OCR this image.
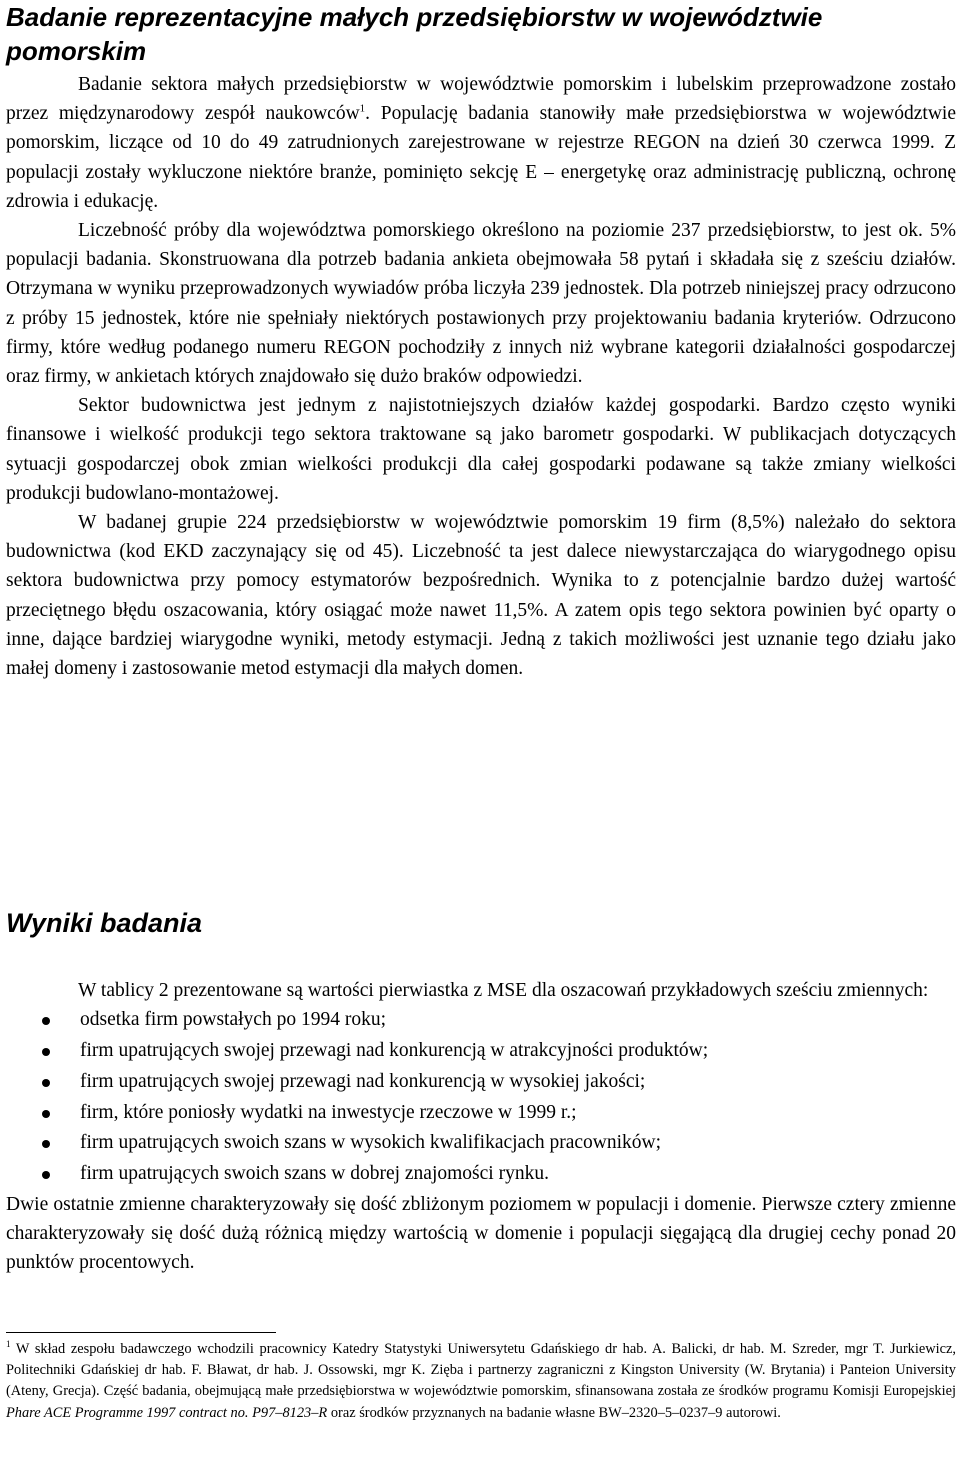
Badanie reprezentacyjne małych przedsiębiorstw w województwie pomorskim

Badanie sektora małych przedsiębiorstw w województwie pomorskim i lubelskim przeprowadzone zostało przez międzynarodowy zespół naukowców$^1$. Populację badania stanowiły małe przedsiębiorstwa w województwie pomorskim, liczące od 10 do 49 zatrudnionych zarejestrowane w rejestrze REGON na dzień 30 czerwca 1999. Z populacji zostały wykluczone niektóre branże, pominięto sekcję E – energetykę oraz administrację publiczną, ochronę zdrowia i edukację.

Liczebność próby dla województwa pomorskiego określono na poziomie 237 przedsiębiorstw, to jest ok. 5% populacji badania. Skonstruowana dla potrzeb badania ankieta obejmowała 58 pytań i składała się z sześciu działów. Otrzymana w wyniku przeprowadzonych wywiadów próba liczyła 239 jednostek. Dla potrzeb niniejszej pracy odrzucono z próby 15 jednostek, które nie spełniały niektórych postawionych przy projektowaniu badania kryteriów. Odrzucono firmy, które według podanego numeru REGON pochodziły z innych niż wybrane kategorii działalności gospodarczej oraz firmy, w ankietach których znajdowało się dużo braków odpowiedzi.

Sektor budownictwa jest jednym z najistotniejszych działów każdej gospodarki. Bardzo często wyniki finansowe i wielkość produkcji tego sektora traktowane są jako barometr gospodarki. W publikacjach dotyczących sytuacji gospodarczej obok zmian wielkości produkcji dla całej gospodarki podawane są także zmiany wielkości produkcji budowlano-montażowej.

W badanej grupie 224 przedsiębiorstw w województwie pomorskim 19 firm (8,5%) należało do sektora budownictwa (kod EKD zaczynający się od 45). Liczebność ta jest dalece niewystarczająca do wiarygodnego opisu sektora budownictwa przy pomocy estymatorów bezpośrednich. Wynika to z potencjalnie bardzo dużej wartość przeciętnego błędu oszacowania, który osiągać może nawet 11,5%. A zatem opis tego sektora powinien być oparty o inne, dające bardziej wiarygodne wyniki, metody estymacji. Jedną z takich możliwości jest uznanie tego działu jako małej domeny i zastosowanie metod estymacji dla małych domen.

Wyniki badania

W tablicy 2 prezentowane są wartości pierwiastka z MSE dla oszacowań przykładowych sześciu zmiennych:

odsetka firm powstałych po 1994 roku;
firm upatrujących swojej przewagi nad konkurencją w atrakcyjności produktów;
firm upatrujących swojej przewagi nad konkurencją w wysokiej jakości;
firm, które poniosły wydatki na inwestycje rzeczowe w 1999 r.;
firm upatrujących swoich szans w wysokich kwalifikacjach pracowników;
firm upatrujących swoich szans w dobrej znajomości rynku.

Dwie ostatnie zmienne charakteryzowały się dość zbliżonym poziomem w populacji i domenie. Pierwsze cztery zmienne charakteryzowały się dość dużą różnicą między wartością w domenie i populacji sięgającą dla drugiej cechy ponad 20 punktów procentowych.

$^1$ W skład zespołu badawczego wchodzili pracownicy Katedry Statystyki Uniwersytetu Gdańskiego dr hab. A. Balicki, dr hab. M. Szreder, mgr T. Jurkiewicz, Politechniki Gdańskiej dr hab. F. Bławat, dr hab. J. Ossowski, mgr K. Zięba i partnerzy zagraniczni z Kingston University (W. Brytania) i Panteion University (Ateny, Grecja). Część badania, obejmującą małe przedsiębiorstwa w województwie pomorskim, sfinansowana została ze środków programu Komisji Europejskiej Phare ACE Programme 1997 contract no. P97–8123–R oraz środków przyznanych na badanie własne BW–2320–5–0237–9 autorowi.
